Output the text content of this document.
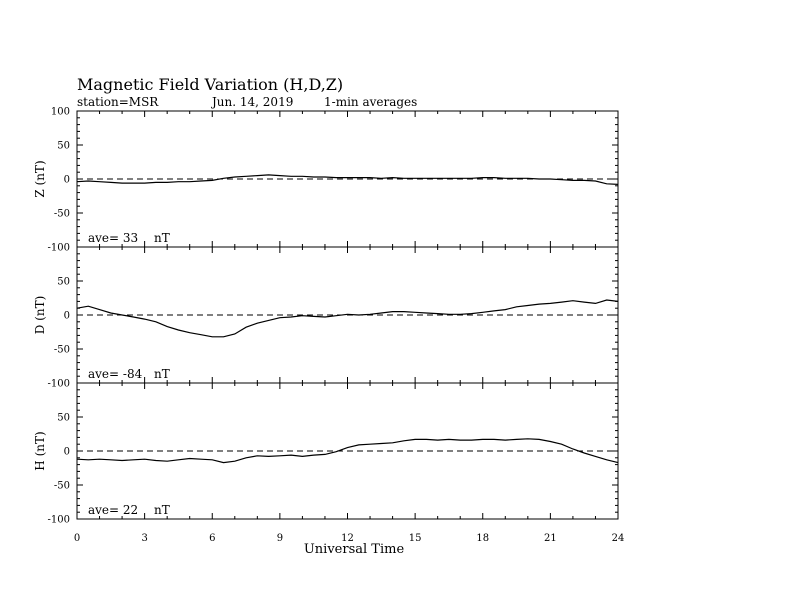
Magnetic Field Variation (H,D,Z)
station=MSR	Jun. 14, 2019	1-min averages
-100
-50
0
50
100
Z (nT)
ave= 33 nT
-100
-50
0
50
D (nT)
ave= -84 nT
-100
-50
0
50
H (nT)
ave= 22 nT
0	3	6	9	12	15	18	21	24
Universal Time
